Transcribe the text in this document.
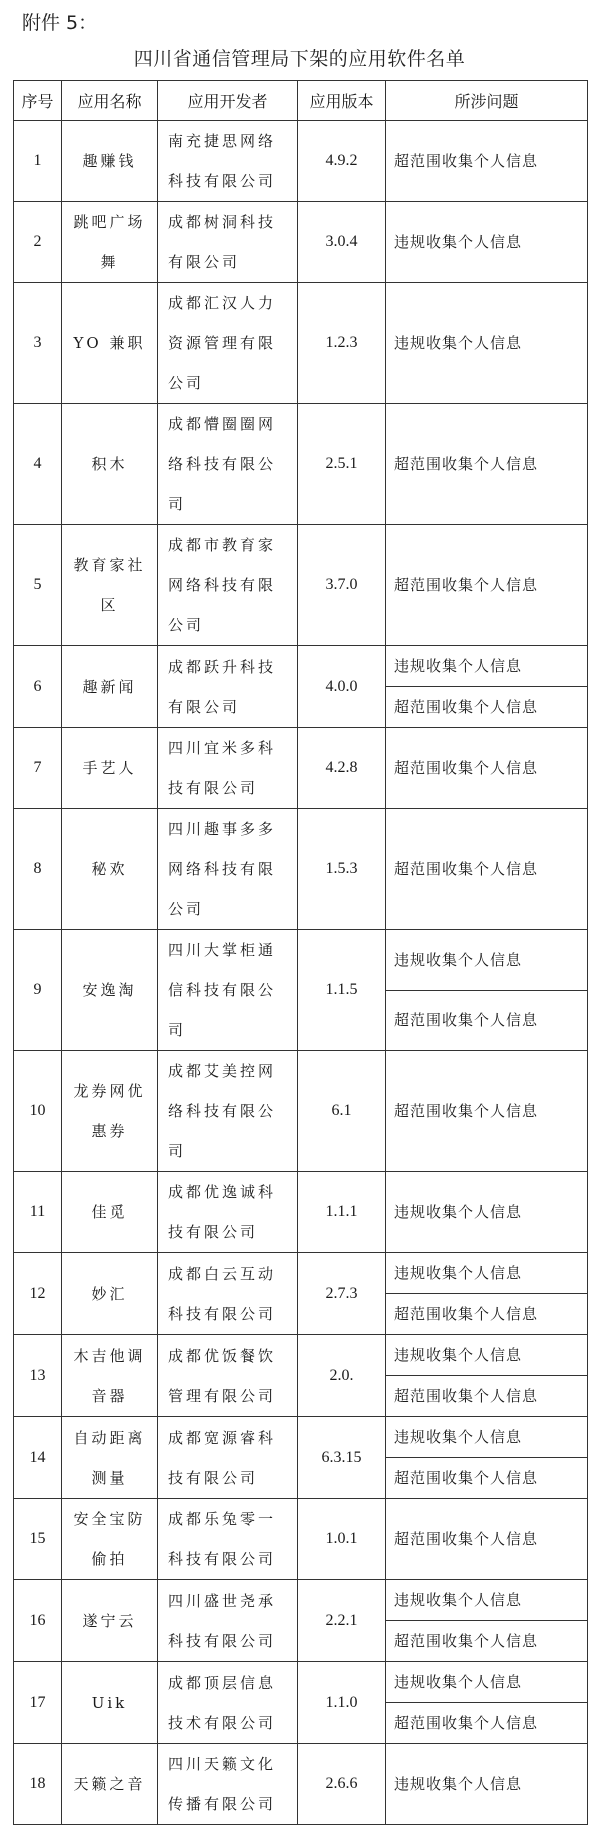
附件 5：
四川省通信管理局下架的应用软件名单
序号	应用名称	应用开发者	应用版本	所涉问题
1	趣赚钱	南充捷思网络科技有限公司	4.9.2	超范围收集个人信息
2	跳吧广场舞	成都树洞科技有限公司	3.0.4	违规收集个人信息
3	YO 兼职	成都汇汉人力资源管理有限公司	1.2.3	违规收集个人信息
4	积木	成都懵圈圈网络科技有限公司	2.5.1	超范围收集个人信息
5	教育家社区	成都市教育家网络科技有限公司	3.7.0	超范围收集个人信息
6	趣新闻	成都跃升科技有限公司	4.0.0	违规收集个人信息
				超范围收集个人信息
7	手艺人	四川宜米多科技有限公司	4.2.8	超范围收集个人信息
8	秘欢	四川趣事多多网络科技有限公司	1.5.3	超范围收集个人信息
9	安逸淘	四川大掌柜通信科技有限公司	1.1.5	违规收集个人信息
				超范围收集个人信息
10	龙券网优惠券	成都艾美控网络科技有限公司	6.1	超范围收集个人信息
11	佳觅	成都优逸诚科技有限公司	1.1.1	违规收集个人信息
12	妙汇	成都白云互动科技有限公司	2.7.3	违规收集个人信息
				超范围收集个人信息
13	木吉他调音器	成都优饭餐饮管理有限公司	2.0.	违规收集个人信息
				超范围收集个人信息
14	自动距离测量	成都宽源睿科技有限公司	6.3.15	违规收集个人信息
				超范围收集个人信息
15	安全宝防偷拍	成都乐兔零一科技有限公司	1.0.1	超范围收集个人信息
16	遂宁云	四川盛世尧承科技有限公司	2.2.1	违规收集个人信息
				超范围收集个人信息
17	Uik	成都顶层信息技术有限公司	1.1.0	违规收集个人信息
				超范围收集个人信息
18	天籁之音	四川天籁文化传播有限公司	2.6.6	违规收集个人信息
